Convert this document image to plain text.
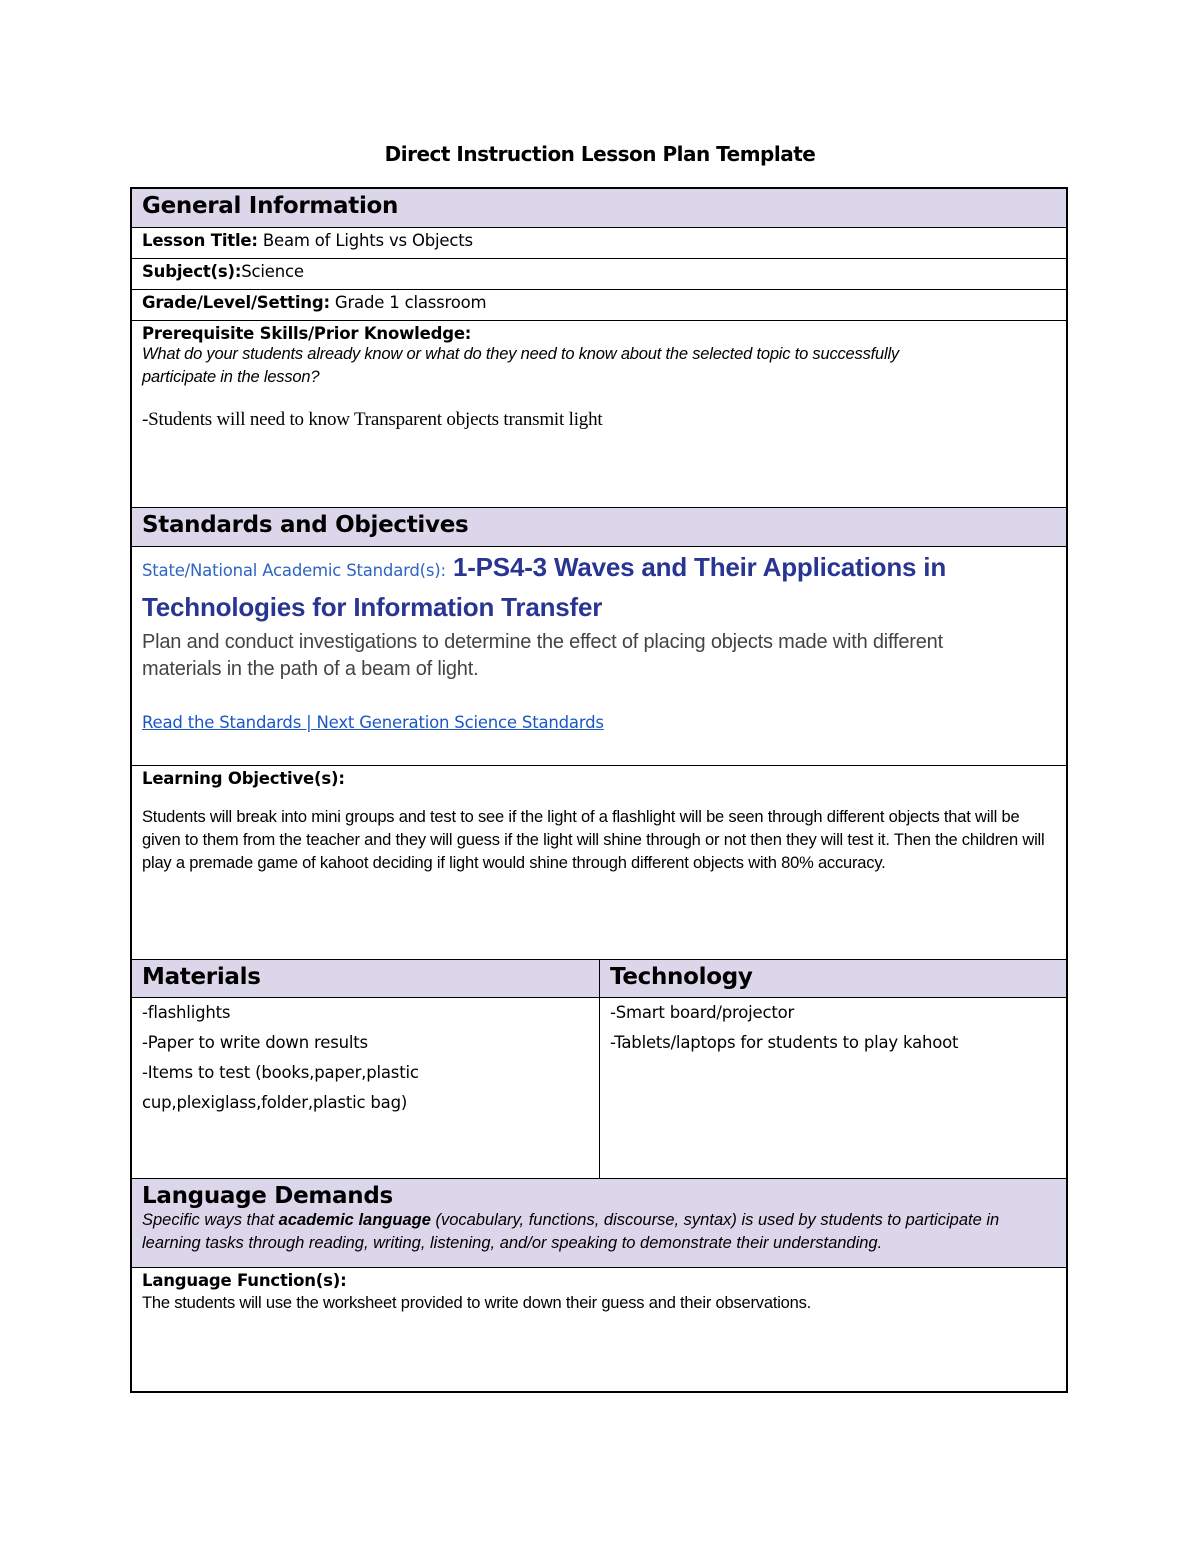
Direct Instruction Lesson Plan Template
General Information
Lesson Title: Beam of Lights vs Objects
Subject(s):Science
Grade/Level/Setting: Grade 1 classroom
Prerequisite Skills/Prior Knowledge:
What do your students already know or what do they need to know about the selected topic to successfully participate in the lesson?
-Students will need to know Transparent objects transmit light
Standards and Objectives
State/National Academic Standard(s): 1-PS4-3 Waves and Their Applications in Technologies for Information Transfer
Plan and conduct investigations to determine the effect of placing objects made with different materials in the path of a beam of light.
Read the Standards | Next Generation Science Standards
Learning Objective(s):
Students will break into mini groups and test to see if the light of a flashlight will be seen through different objects that will be given to them from the teacher and they will guess if the light will shine through or not then they will test it. Then the children will play a premade game of kahoot deciding if light would shine through different objects with 80% accuracy.
Materials
-flashlights
-Paper to write down results
-Items to test (books,paper,plastic cup,plexiglass,folder,plastic bag)
Technology
-Smart board/projector
-Tablets/laptops for students to play kahoot
Language Demands
Specific ways that academic language (vocabulary, functions, discourse, syntax) is used by students to participate in learning tasks through reading, writing, listening, and/or speaking to demonstrate their understanding.
Language Function(s):
The students will use the worksheet provided to write down their guess and their observations.
